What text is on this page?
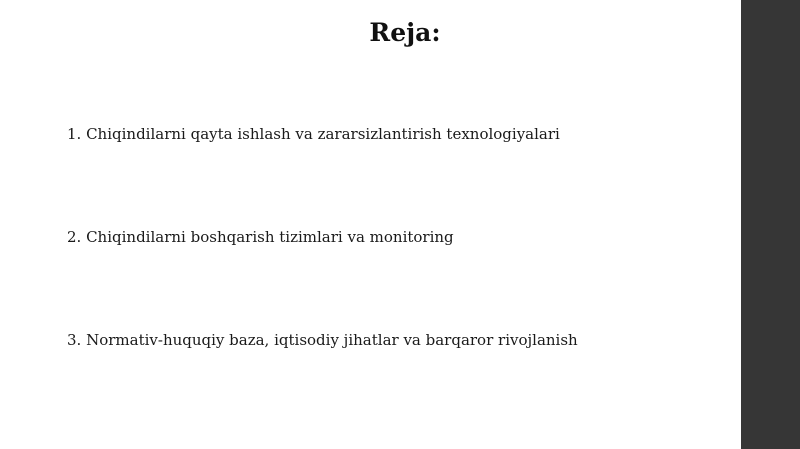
Reja:
1. Chiqindilarni qayta ishlash va zararsizlantirish texnologiyalari
2. Chiqindilarni boshqarish tizimlari va monitoring
3. Normativ-huquqiy baza, iqtisodiy jihatlar va barqaror rivojlanish
